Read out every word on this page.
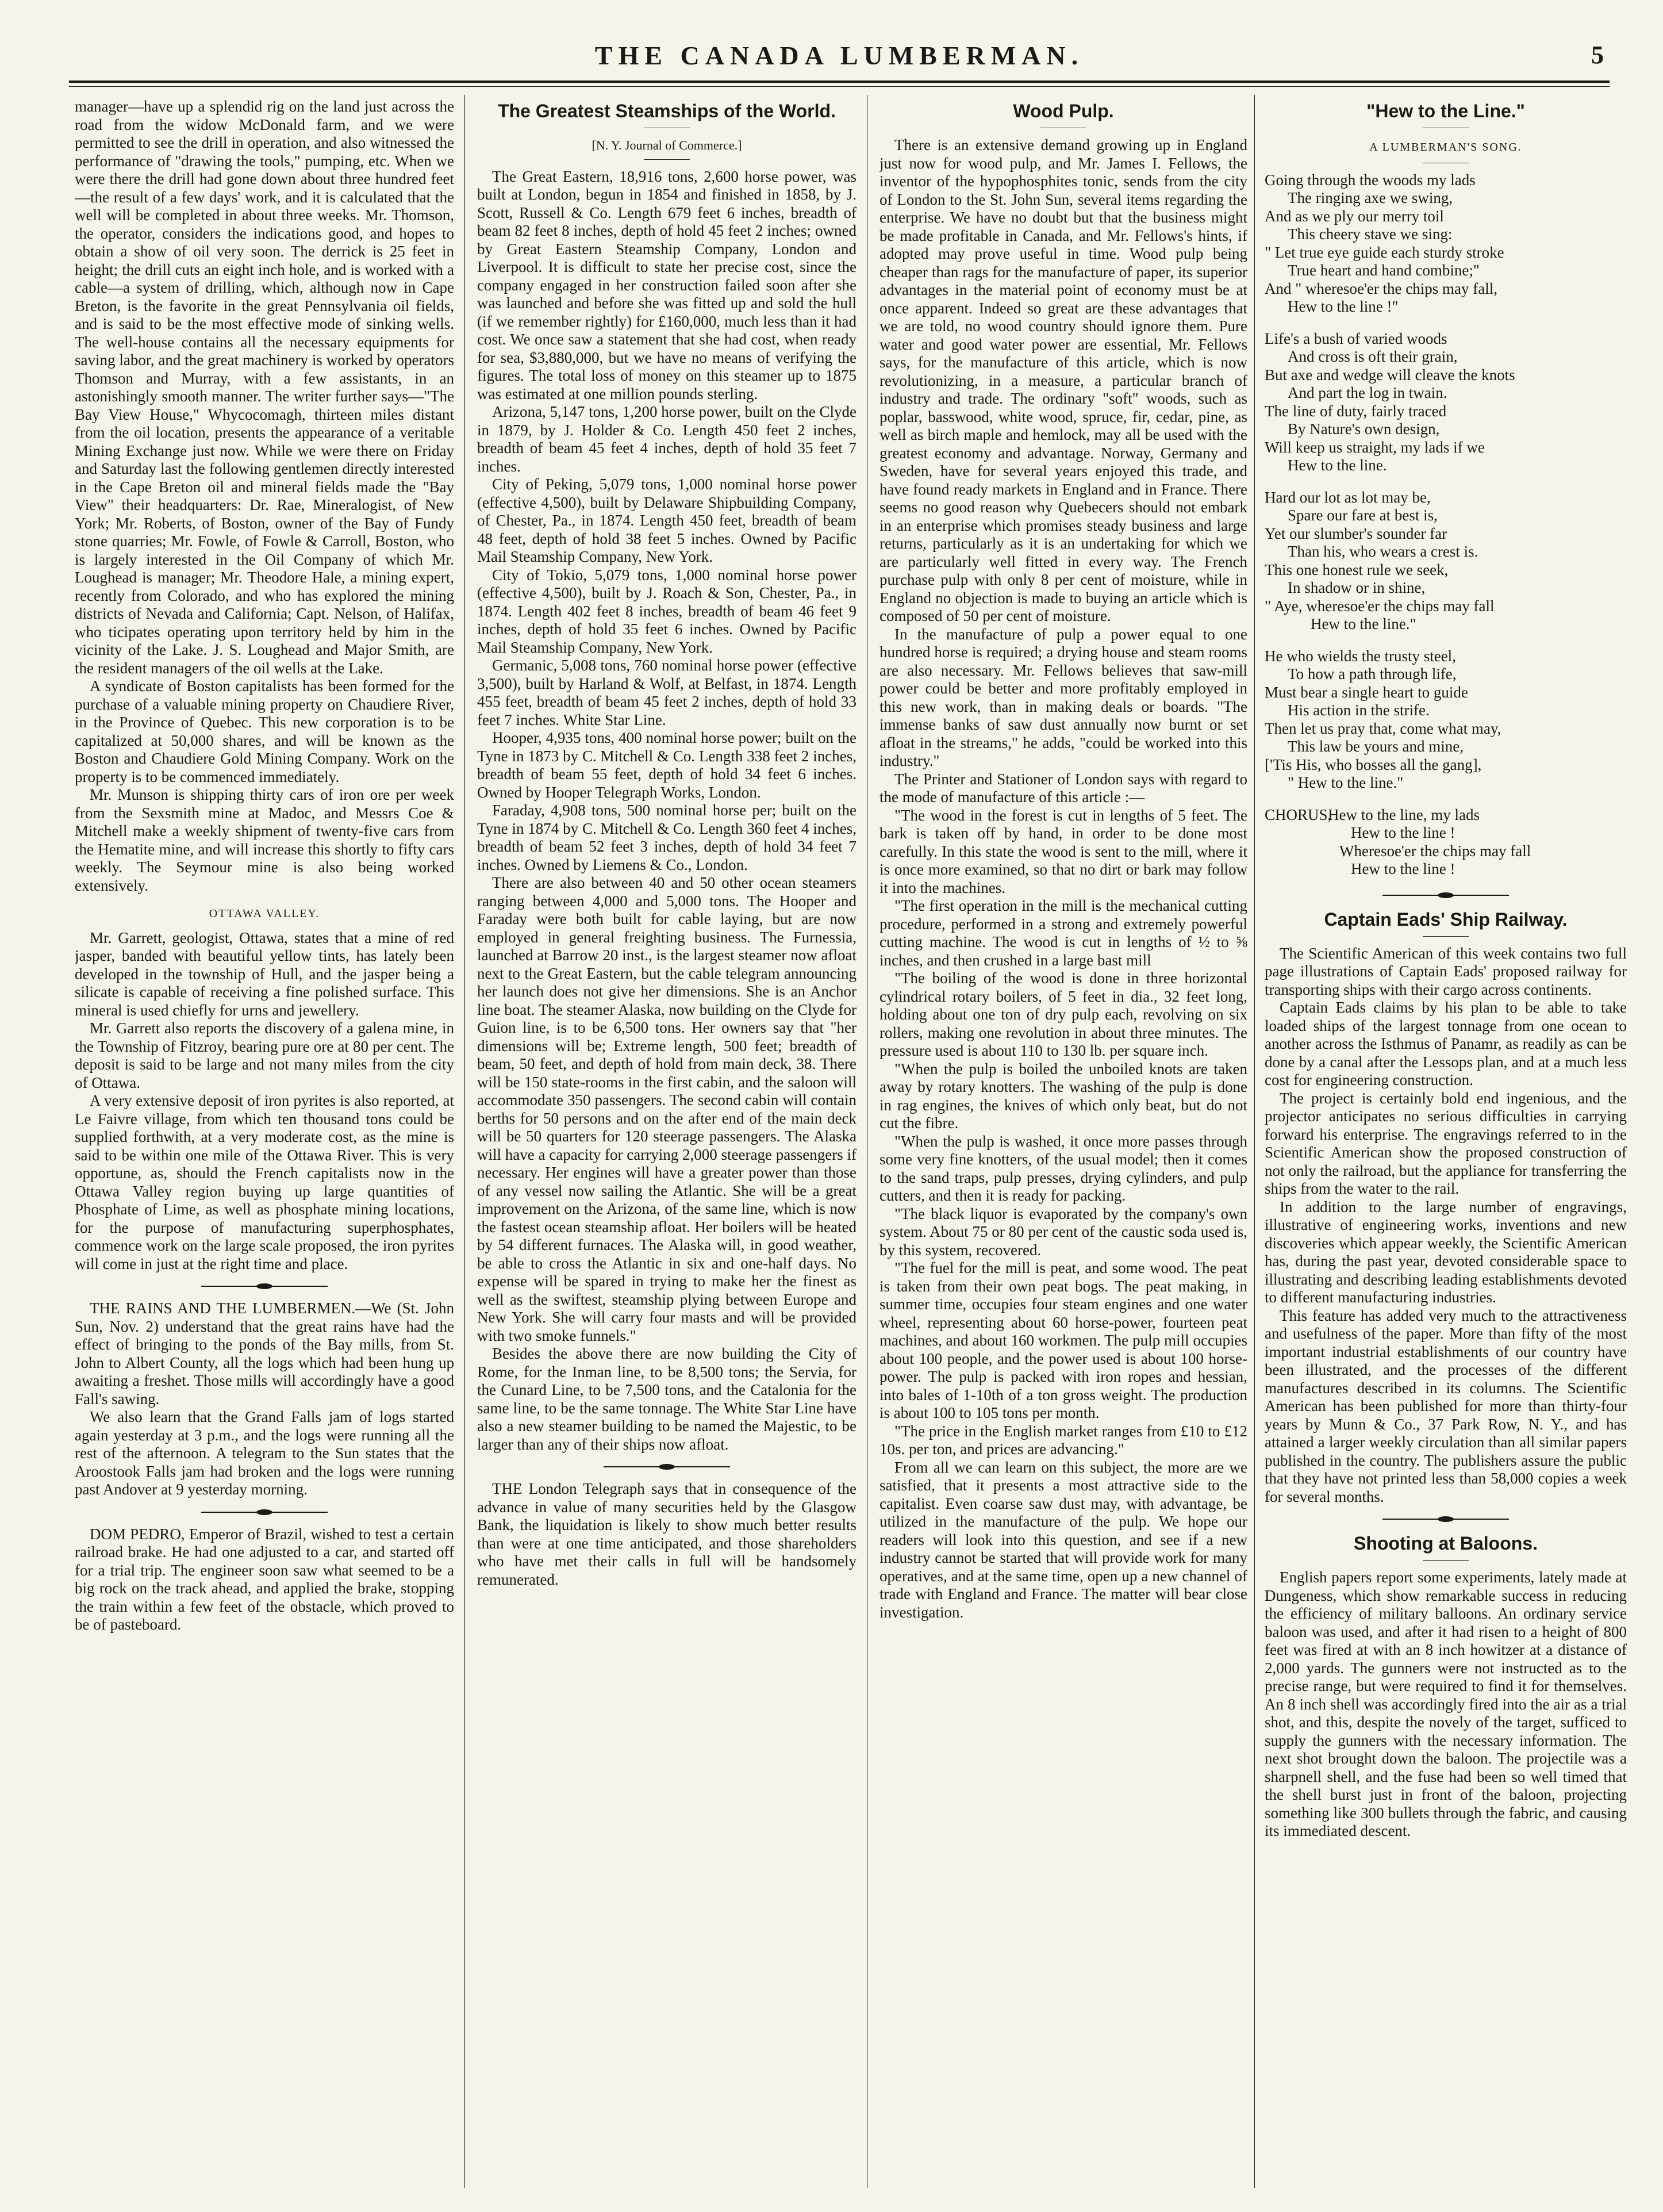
THE CANADA LUMBERMAN.	5

manager—have up a splendid rig on the land just across the road from the widow McDonald farm, and we were permitted to see the drill in operation, and also witnessed the performance of "drawing the tools," pumping, etc. When we were there the drill had gone down about three hundred feet—the result of a few days' work, and it is calculated that the well will be completed in about three weeks. Mr. Thomson, the operator, considers the indications good, and hopes to obtain a show of oil very soon. The derrick is 25 feet in height; the drill cuts an eight inch hole, and is worked with a cable—a system of drilling, which, although now in Cape Breton, is the favorite in the great Pennsylvania oil fields, and is said to be the most effective mode of sinking wells. The well-house contains all the necessary equipments for saving labor, and the great machinery is worked by operators Thomson and Murray, with a few assistants, in an astonishingly smooth manner. The writer further says—"The Bay View House," Whycocomagh, thirteen miles distant from the oil location, presents the appearance of a veritable Mining Exchange just now. While we were there on Friday and Saturday last the following gentlemen directly interested in the Cape Breton oil and mineral fields made the "Bay View" their headquarters: Dr. Rae, Mineralogist, of New York; Mr. Roberts, of Boston, owner of the Bay of Fundy stone quarries; Mr. Fowle, of Fowle & Carroll, Boston, who is largely interested in the Oil Company of which Mr. Loughead is manager; Mr. Theodore Hale, a mining expert, recently from Colorado, and who has explored the mining districts of Nevada and California; Capt. Nelson, of Halifax, who ticipates operating upon territory held by him in the vicinity of the Lake. J. S. Loughead and Major Smith, are the resident managers of the oil wells at the Lake.

A syndicate of Boston capitalists has been formed for the purchase of a valuable mining property on Chaudiere River, in the Province of Quebec. This new corporation is to be capitalized at 50,000 shares, and will be known as the Boston and Chaudiere Gold Mining Company. Work on the property is to be commenced immediately.

Mr. Munson is shipping thirty cars of iron ore per week from the Sexsmith mine at Madoc, and Messrs Coe & Mitchell make a weekly shipment of twenty-five cars from the Hematite mine, and will increase this shortly to fifty cars weekly. The Seymour mine is also being worked extensively.

OTTAWA VALLEY.

Mr. Garrett, geologist, Ottawa, states that a mine of red jasper, banded with beautiful yellow tints, has lately been developed in the township of Hull, and the jasper being a silicate is capable of receiving a fine polished surface. This mineral is used chiefly for urns and jewellery.

Mr. Garrett also reports the discovery of a galena mine, in the Township of Fitzroy, bearing pure ore at 80 per cent. The deposit is said to be large and not many miles from the city of Ottawa.

A very extensive deposit of iron pyrites is also reported, at Le Faivre village, from which ten thousand tons could be supplied forthwith, at a very moderate cost, as the mine is said to be within one mile of the Ottawa River. This is very opportune, as, should the French capitalists now in the Ottawa Valley region buying up large quantities of Phosphate of Lime, as well as phosphate mining locations, for the purpose of manufacturing superphosphates, commence work on the large scale proposed, the iron pyrites will come in just at the right time and place.

THE RAINS AND THE LUMBERMEN.—We (St. John Sun, Nov. 2) understand that the great rains have had the effect of bringing to the ponds of the Bay mills, from St. John to Albert County, all the logs which had been hung up awaiting a freshet. Those mills will accordingly have a good Fall's sawing.

We also learn that the Grand Falls jam of logs started again yesterday at 3 p.m., and the logs were running all the rest of the afternoon. A telegram to the Sun states that the Aroostook Falls jam had broken and the logs were running past Andover at 9 yesterday morning.

DOM PEDRO, Emperor of Brazil, wished to test a certain railroad brake. He had one adjusted to a car, and started off for a trial trip. The engineer soon saw what seemed to be a big rock on the track ahead, and applied the brake, stopping the train within a few feet of the obstacle, which proved to be of pasteboard.

The Greatest Steamships of the World.
[N. Y. Journal of Commerce.]

The Great Eastern, 18,916 tons, 2,600 horse power, was built at London, begun in 1854 and finished in 1858, by J. Scott, Russell & Co. Length 679 feet 6 inches, breadth of beam 82 feet 8 inches, depth of hold 45 feet 2 inches; owned by Great Eastern Steamship Company, London and Liverpool. It is difficult to state her precise cost, since the company engaged in her construction failed soon after she was launched and before she was fitted up and sold the hull (if we remember rightly) for £160,000, much less than it had cost. We once saw a statement that she had cost, when ready for sea, $3,880,000, but we have no means of verifying the figures. The total loss of money on this steamer up to 1875 was estimated at one million pounds sterling.

Arizona, 5,147 tons, 1,200 horse power, built on the Clyde in 1879, by J. Holder & Co. Length 450 feet 2 inches, breadth of beam 45 feet 4 inches, depth of hold 35 feet 7 inches.

City of Peking, 5,079 tons, 1,000 nominal horse power (effective 4,500), built by Delaware Shipbuilding Company, of Chester, Pa., in 1874. Length 450 feet, breadth of beam 48 feet, depth of hold 38 feet 5 inches. Owned by Pacific Mail Steamship Company, New York.

City of Tokio, 5,079 tons, 1,000 nominal horse power (effective 4,500), built by J. Roach & Son, Chester, Pa., in 1874. Length 402 feet 8 inches, breadth of beam 46 feet 9 inches, depth of hold 35 feet 6 inches. Owned by Pacific Mail Steamship Company, New York.

Germanic, 5,008 tons, 760 nominal horse power (effective 3,500), built by Harland & Wolf, at Belfast, in 1874. Length 455 feet, breadth of beam 45 feet 2 inches, depth of hold 33 feet 7 inches. White Star Line.

Hooper, 4,935 tons, 400 nominal horse power; built on the Tyne in 1873 by C. Mitchell & Co. Length 338 feet 2 inches, breadth of beam 55 feet, depth of hold 34 feet 6 inches. Owned by Hooper Telegraph Works, London.

Faraday, 4,908 tons, 500 nominal horse per; built on the Tyne in 1874 by C. Mitchell & Co. Length 360 feet 4 inches, breadth of beam 52 feet 3 inches, depth of hold 34 feet 7 inches. Owned by Liemens & Co., London.

There are also between 40 and 50 other ocean steamers ranging between 4,000 and 5,000 tons. The Hooper and Faraday were both built for cable laying, but are now employed in general freighting business. The Furnessia, launched at Barrow 20 inst., is the largest steamer now afloat next to the Great Eastern, but the cable telegram announcing her launch does not give her dimensions. She is an Anchor line boat. The steamer Alaska, now building on the Clyde for Guion line, is to be 6,500 tons. Her owners say that "her dimensions will be; Extreme length, 500 feet; breadth of beam, 50 feet, and depth of hold from main deck, 38. There will be 150 state-rooms in the first cabin, and the saloon will accommodate 350 passengers. The second cabin will contain berths for 50 persons and on the after end of the main deck will be 50 quarters for 120 steerage passengers. The Alaska will have a capacity for carrying 2,000 steerage passengers if necessary. Her engines will have a greater power than those of any vessel now sailing the Atlantic. She will be a great improvement on the Arizona, of the same line, which is now the fastest ocean steamship afloat. Her boilers will be heated by 54 different furnaces. The Alaska will, in good weather, be able to cross the Atlantic in six and one-half days. No expense will be spared in trying to make her the finest as well as the swiftest, steamship plying between Europe and New York. She will carry four masts and will be provided with two smoke funnels."

Besides the above there are now building the City of Rome, for the Inman line, to be 8,500 tons; the Servia, for the Cunard Line, to be 7,500 tons, and the Catalonia for the same line, to be the same tonnage. The White Star Line have also a new steamer building to be named the Majestic, to be larger than any of their ships now afloat.

THE London Telegraph says that in consequence of the advance in value of many securities held by the Glasgow Bank, the liquidation is likely to show much better results than were at one time anticipated, and those shareholders who have met their calls in full will be handsomely remunerated.

Wood Pulp.

There is an extensive demand growing up in England just now for wood pulp, and Mr. James I. Fellows, the inventor of the hypophosphites tonic, sends from the city of London to the St. John Sun, several items regarding the enterprise. We have no doubt but that the business might be made profitable in Canada, and Mr. Fellows's hints, if adopted may prove useful in time. Wood pulp being cheaper than rags for the manufacture of paper, its superior advantages in the material point of economy must be at once apparent. Indeed so great are these advantages that we are told, no wood country should ignore them. Pure water and good water power are essential, Mr. Fellows says, for the manufacture of this article, which is now revolutionizing, in a measure, a particular branch of industry and trade. The ordinary "soft" woods, such as poplar, basswood, white wood, spruce, fir, cedar, pine, as well as birch maple and hemlock, may all be used with the greatest economy and advantage. Norway, Germany and Sweden, have for several years enjoyed this trade, and have found ready markets in England and in France. There seems no good reason why Quebecers should not embark in an enterprise which promises steady business and large returns, particularly as it is an undertaking for which we are particularly well fitted in every way. The French purchase pulp with only 8 per cent of moisture, while in England no objection is made to buying an article which is composed of 50 per cent of moisture.

In the manufacture of pulp a power equal to one hundred horse is required; a drying house and steam rooms are also necessary. Mr. Fellows believes that saw-mill power could be better and more profitably employed in this new work, than in making deals or boards. "The immense banks of saw dust annually now burnt or set afloat in the streams," he adds, "could be worked into this industry."

The Printer and Stationer of London says with regard to the mode of manufacture of this article :—

"The wood in the forest is cut in lengths of 5 feet. The bark is taken off by hand, in order to be done most carefully. In this state the wood is sent to the mill, where it is once more examined, so that no dirt or bark may follow it into the machines.

"The first operation in the mill is the mechanical cutting procedure, performed in a strong and extremely powerful cutting machine. The wood is cut in lengths of ½ to ⅝ inches, and then crushed in a large bast mill

"The boiling of the wood is done in three horizontal cylindrical rotary boilers, of 5 feet in dia., 32 feet long, holding about one ton of dry pulp each, revolving on six rollers, making one revolution in about three minutes. The pressure used is about 110 to 130 lb. per square inch.

"When the pulp is boiled the unboiled knots are taken away by rotary knotters. The washing of the pulp is done in rag engines, the knives of which only beat, but do not cut the fibre.

"When the pulp is washed, it once more passes through some very fine knotters, of the usual model; then it comes to the sand traps, pulp presses, drying cylinders, and pulp cutters, and then it is ready for packing.

"The black liquor is evaporated by the company's own system. About 75 or 80 per cent of the caustic soda used is, by this system, recovered.

"The fuel for the mill is peat, and some wood. The peat is taken from their own peat bogs. The peat making, in summer time, occupies four steam engines and one water wheel, representing about 60 horse-power, fourteen peat machines, and about 160 workmen. The pulp mill occupies about 100 people, and the power used is about 100 horse-power. The pulp is packed with iron ropes and hessian, into bales of 1-10th of a ton gross weight. The production is about 100 to 105 tons per month.

"The price in the English market ranges from £10 to £12 10s. per ton, and prices are advancing."

From all we can learn on this subject, the more are we satisfied, that it presents a most attractive side to the capitalist. Even coarse saw dust may, with advantage, be utilized in the manufacture of the pulp. We hope our readers will look into this question, and see if a new industry cannot be started that will provide work for many operatives, and at the same time, open up a new channel of trade with England and France. The matter will bear close investigation.

"Hew to the Line."
A LUMBERMAN'S SONG.
Going through the woods my lads
The ringing axe we swing,
And as we ply our merry toil
This cheery stave we sing:
" Let true eye guide each sturdy stroke
True heart and hand combine;"
And " wheresoe'er the chips may fall,
Hew to the line !"
Life's a bush of varied woods
And cross is oft their grain,
But axe and wedge will cleave the knots
And part the log in twain.
The line of duty, fairly traced
By Nature's own design,
Will keep us straight, my lads if we
Hew to the line.
Hard our lot as lot may be,
Spare our fare at best is,
Yet our slumber's sounder far
Than his, who wears a crest is.
This one honest rule we seek,
In shadow or in shine,
" Aye, wheresoe'er the chips may fall
Hew to the line."
He who wields the trusty steel,
To how a path through life,
Must bear a single heart to guide
His action in the strife.
Then let us pray that, come what may,
This law be yours and mine,
['Tis His, who bosses all the gang],
" Hew to the line."
CHORUS,Hew to the line, my lads
Hew to the line !
Wheresoe'er the chips may fall
Hew to the line !
Captain Eads' Ship Railway.

The Scientific American of this week contains two full page illustrations of Captain Eads' proposed railway for transporting ships with their cargo across continents.

Captain Eads claims by his plan to be able to take loaded ships of the largest tonnage from one ocean to another across the Isthmus of Panamr, as readily as can be done by a canal after the Lessops plan, and at a much less cost for engineering construction.

The project is certainly bold end ingenious, and the projector anticipates no serious difficulties in carrying forward his enterprise. The engravings referred to in the Scientific American show the proposed construction of not only the railroad, but the appliance for transferring the ships from the water to the rail.

In addition to the large number of engravings, illustrative of engineering works, inventions and new discoveries which appear weekly, the Scientific American has, during the past year, devoted considerable space to illustrating and describing leading establishments devoted to different manufacturing industries.

This feature has added very much to the attractiveness and usefulness of the paper. More than fifty of the most important industrial establishments of our country have been illustrated, and the processes of the different manufactures described in its columns. The Scientific American has been published for more than thirty-four years by Munn & Co., 37 Park Row, N. Y., and has attained a larger weekly circulation than all similar papers published in the country. The publishers assure the public that they have not printed less than 58,000 copies a week for several months.

Shooting at Baloons.

English papers report some experiments, lately made at Dungeness, which show remarkable success in reducing the efficiency of military balloons. An ordinary service baloon was used, and after it had risen to a height of 800 feet was fired at with an 8 inch howitzer at a distance of 2,000 yards. The gunners were not instructed as to the precise range, but were required to find it for themselves. An 8 inch shell was accordingly fired into the air as a trial shot, and this, despite the novely of the target, sufficed to supply the gunners with the necessary information. The next shot brought down the baloon. The projectile was a sharpnell shell, and the fuse had been so well timed that the shell burst just in front of the baloon, projecting something like 300 bullets through the fabric, and causing its immediated descent.
